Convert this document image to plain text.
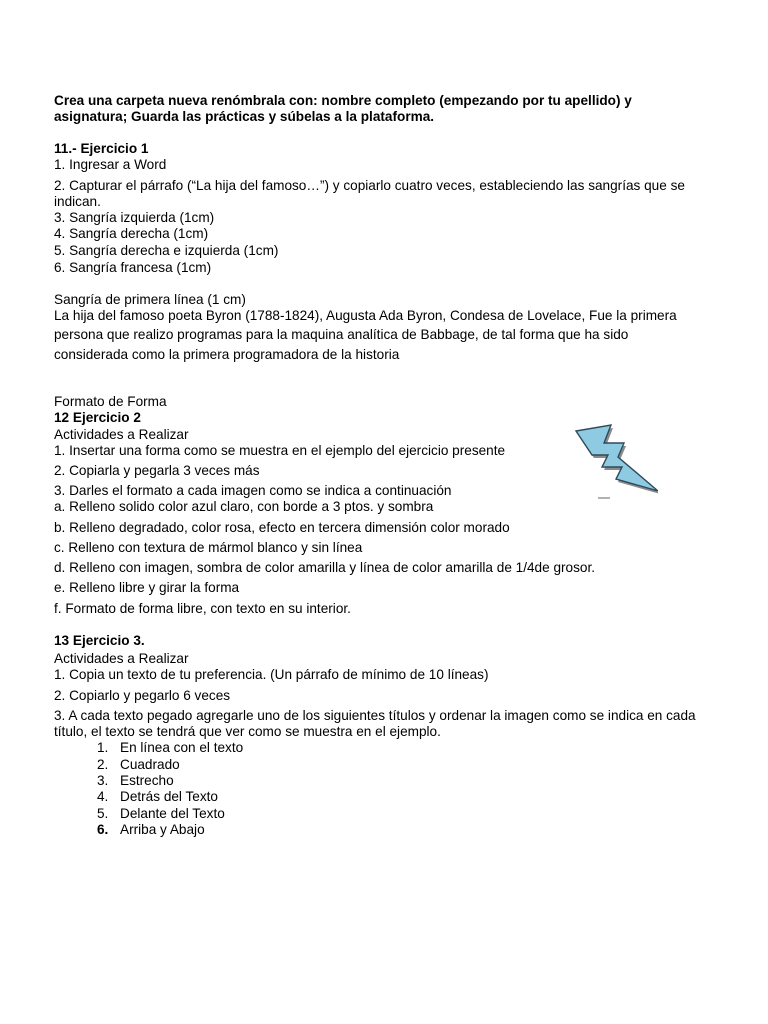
Crea una carpeta nueva renómbrala con: nombre completo (empezando por tu apellido) y
asignatura; Guarda las prácticas y súbelas a la plataforma.
11.- Ejercicio 1
1. Ingresar a Word
2. Capturar el párrafo (“La hija del famoso…”) y copiarlo cuatro veces, estableciendo las sangrías que se
indican.
3. Sangría izquierda (1cm)
4. Sangría derecha (1cm)
5. Sangría derecha e izquierda (1cm)
6. Sangría francesa (1cm)
Sangría de primera línea (1 cm)
La hija del famoso poeta Byron (1788-1824), Augusta Ada Byron, Condesa de Lovelace, Fue la primera
persona que realizo programas para la maquina analítica de Babbage, de tal forma que ha sido
considerada como la primera programadora de la historia
Formato de Forma
12 Ejercicio 2
Actividades a Realizar
1. Insertar una forma como se muestra en el ejemplo del ejercicio presente
2. Copiarla y pegarla 3 veces más
3. Darles el formato a cada imagen como se indica a continuación
a. Relleno solido color azul claro, con borde a 3 ptos. y sombra
b. Relleno degradado, color rosa, efecto en tercera dimensión color morado
c. Relleno con textura de mármol blanco y sin línea
d. Relleno con imagen, sombra de color amarilla y línea de color amarilla de 1/4de grosor.
e. Relleno libre y girar la forma
f. Formato de forma libre, con texto en su interior.
13 Ejercicio 3.
Actividades a Realizar
1. Copia un texto de tu preferencia. (Un párrafo de mínimo de 10 líneas)
2. Copiarlo y pegarlo 6 veces
3. A cada texto pegado agregarle uno de los siguientes títulos y ordenar la imagen como se indica en cada
título, el texto se tendrá que ver como se muestra en el ejemplo.
1. En línea con el texto
2. Cuadrado
3. Estrecho
4. Detrás del Texto
5. Delante del Texto
6. Arriba y Abajo
